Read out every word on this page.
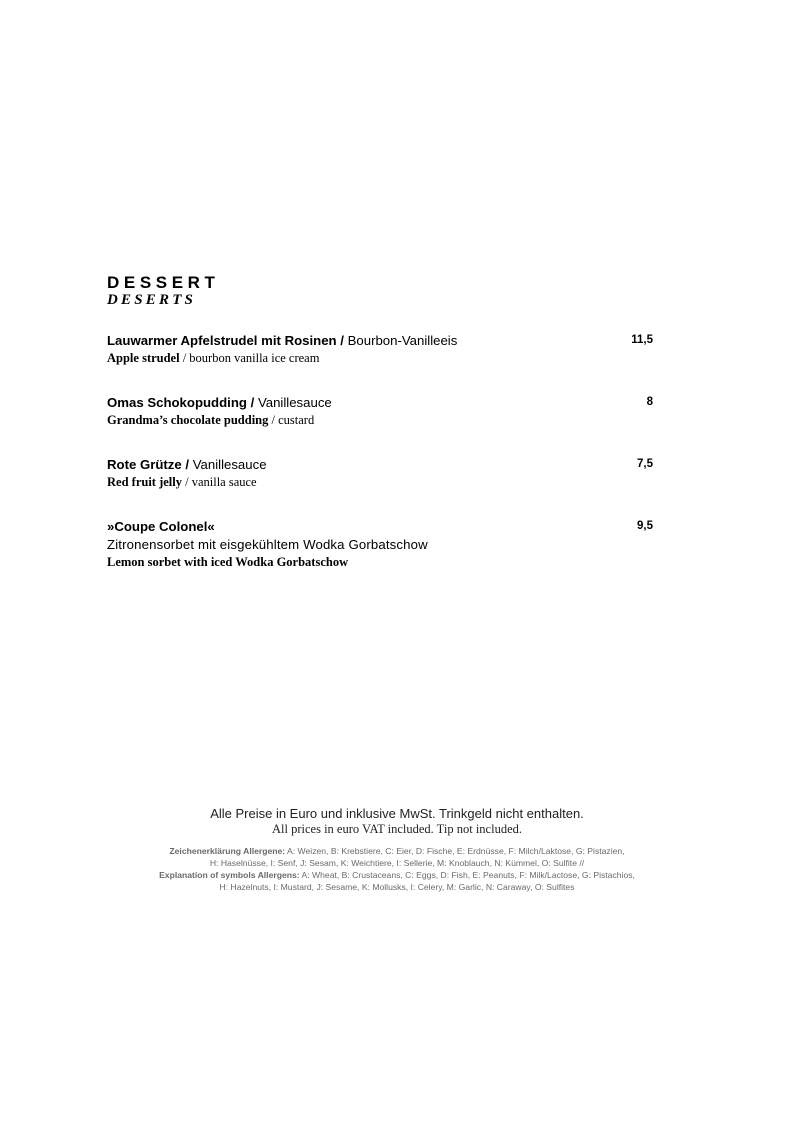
DESSERT
DESERTS
Lauwarmer Apfelstrudel mit Rosinen / Bourbon-Vanilleeis
Apple strudel / bourbon vanilla ice cream
11,5
Omas Schokopudding / Vanillesauce
Grandma’s chocolate pudding / custard
8
Rote Grütze / Vanillesauce
Red fruit jelly / vanilla sauce
7,5
»Coupe Colonel«
Zitronensorbet mit eisgekühltem Wodka Gorbatschow
Lemon sorbet with iced Wodka Gorbatschow
9,5
Alle Preise in Euro und inklusive MwSt. Trinkgeld nicht enthalten.
All prices in euro VAT included. Tip not included.
Zeichenerklärung Allergene: A: Weizen, B: Krebstiere, C: Eier, D: Fische, E: Erdnüsse, F: Milch/Laktose, G: Pistazien,
H: Haselnüsse, I: Senf, J: Sesam, K: Weichtiere, I: Sellerie, M: Knoblauch, N: Kümmel, O: Sulfite //
Explanation of symbols Allergens: A: Wheat, B: Crustaceans, C: Eggs, D: Fish, E: Peanuts, F: Milk/Lactose, G: Pistachios,
H: Hazelnuts, I: Mustard, J: Sesame, K: Mollusks, I: Celery, M: Garlic, N: Caraway, O: Sulfites
